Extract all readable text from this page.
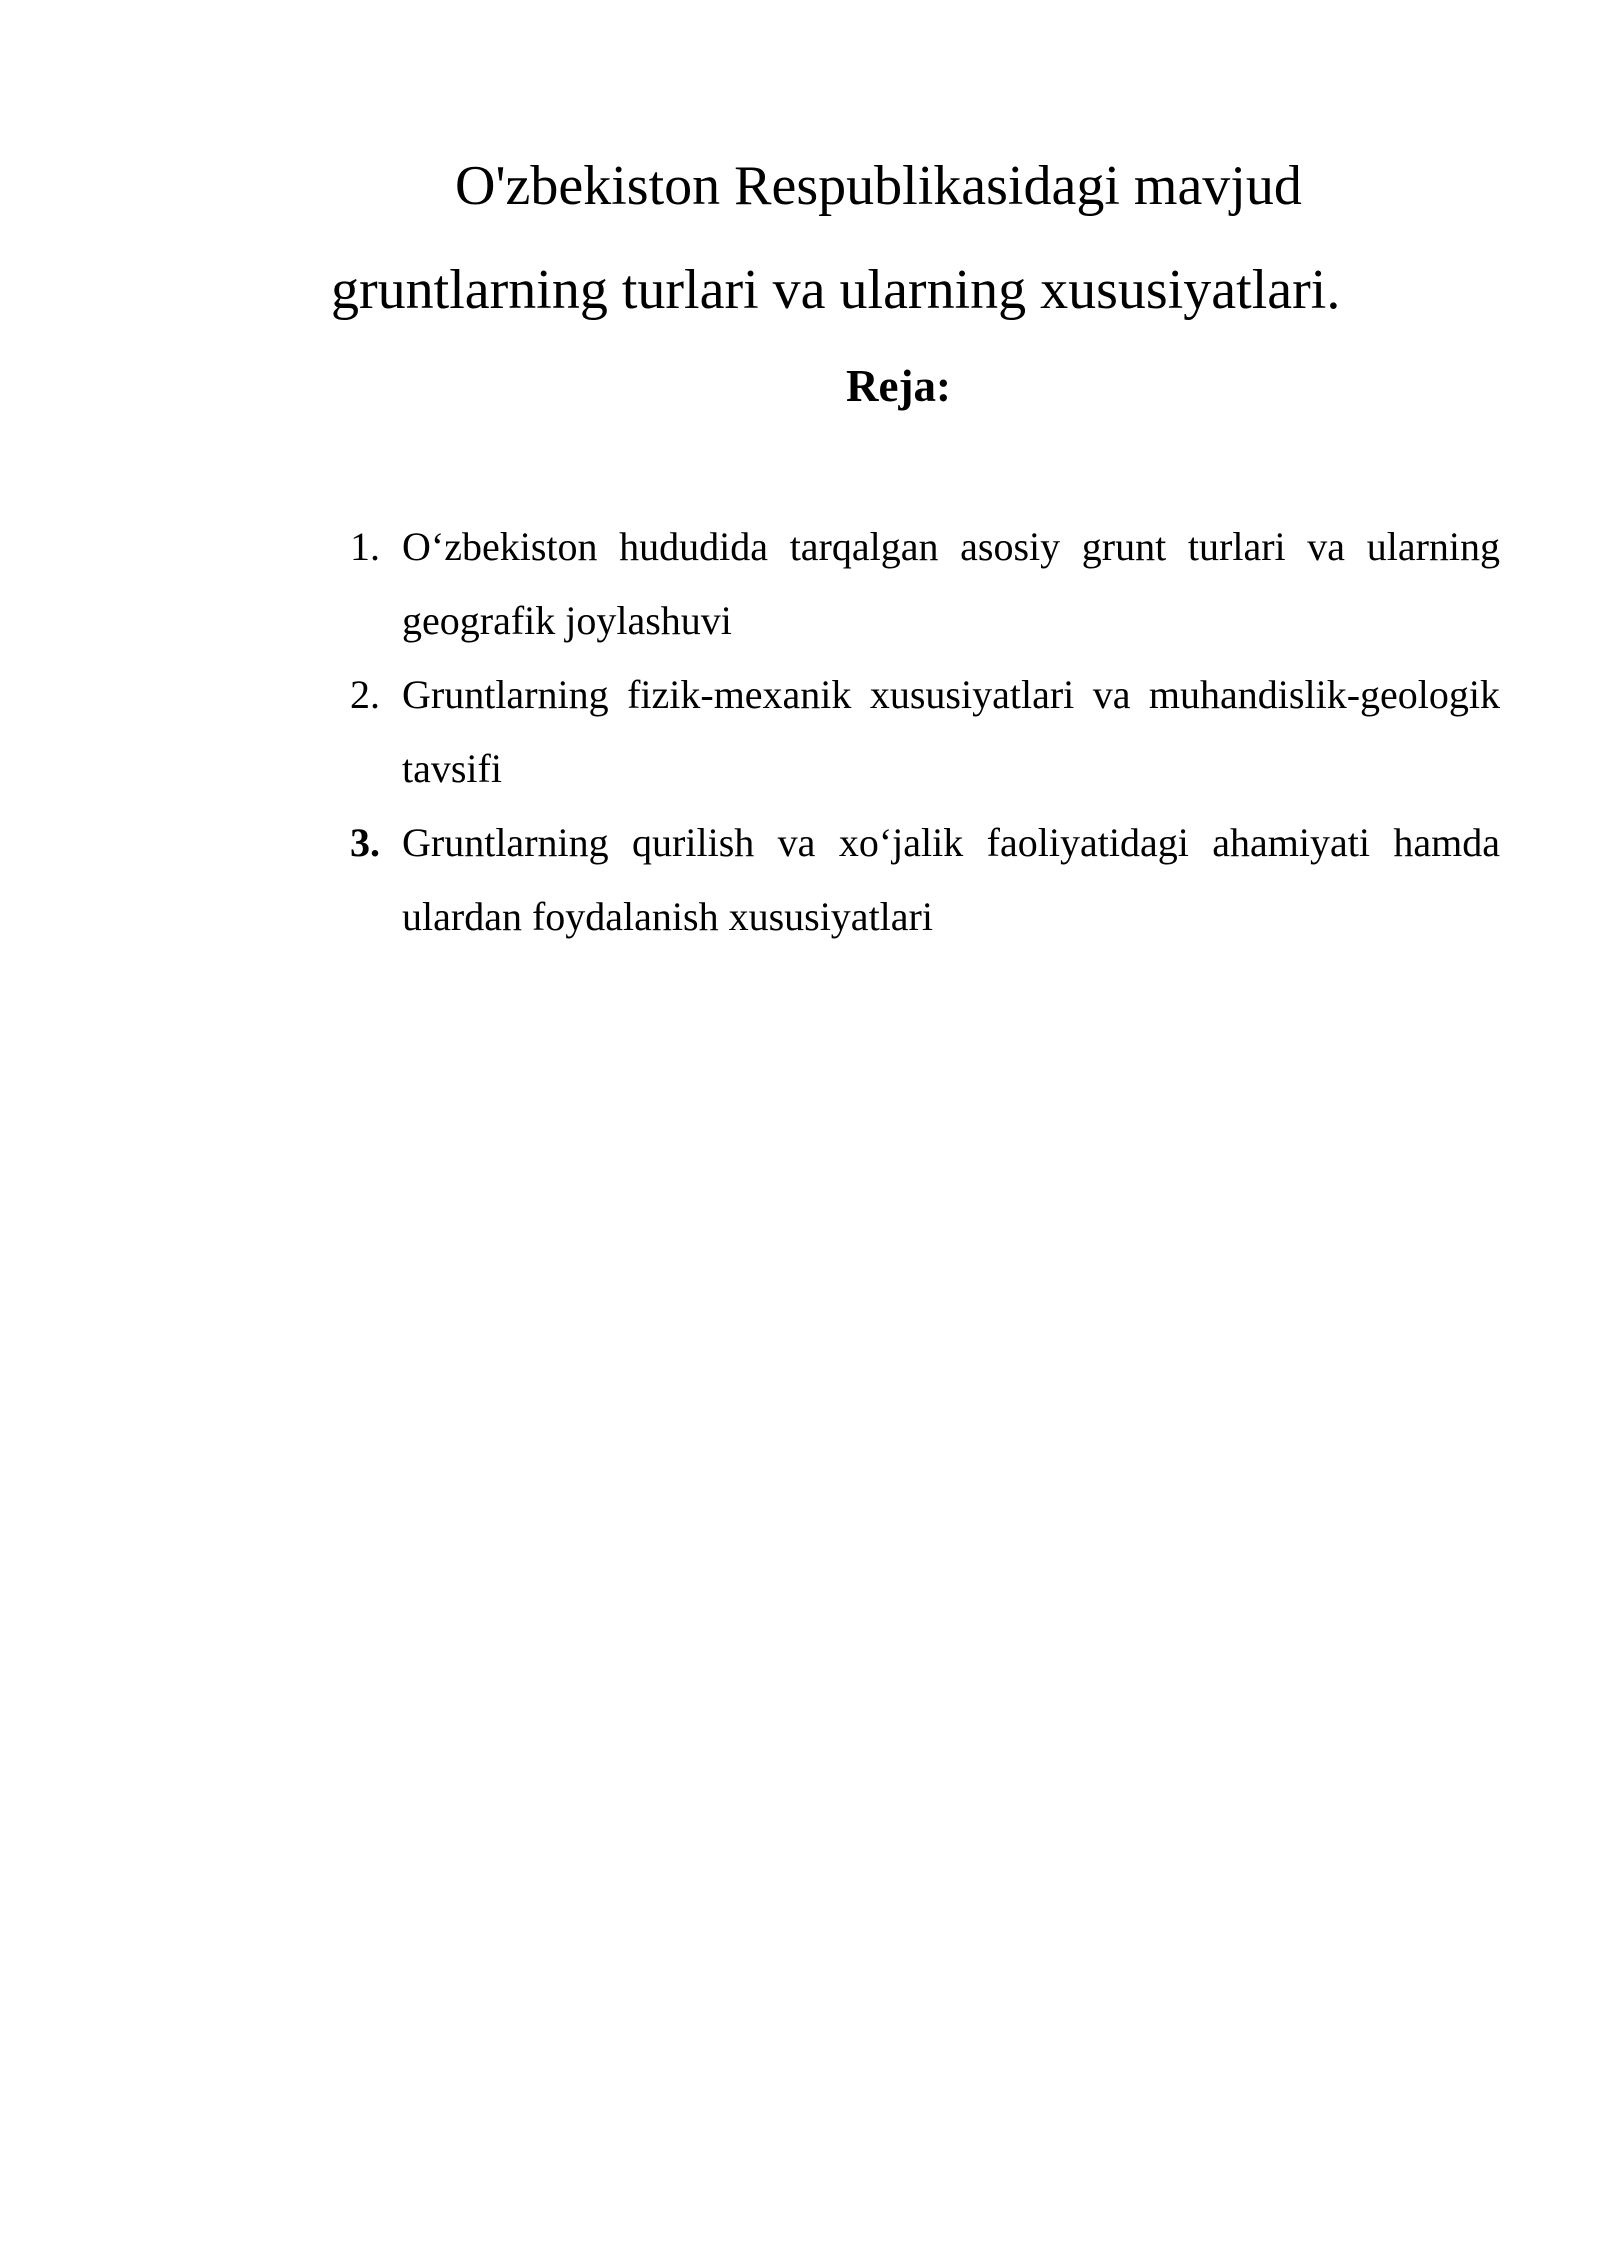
O'zbekiston Respublikasidagi mavjud
gruntlarning turlari va ularning xususiyatlari.
Reja:
1. O‘zbekiston hududida tarqalgan asosiy grunt turlari va ularning geografik joylashuvi
2. Gruntlarning fizik-mexanik xususiyatlari va muhandislik-geologik tavsifi
3. Gruntlarning qurilish va xo‘jalik faoliyatidagi ahamiyati hamda ulardan foydalanish xususiyatlari
